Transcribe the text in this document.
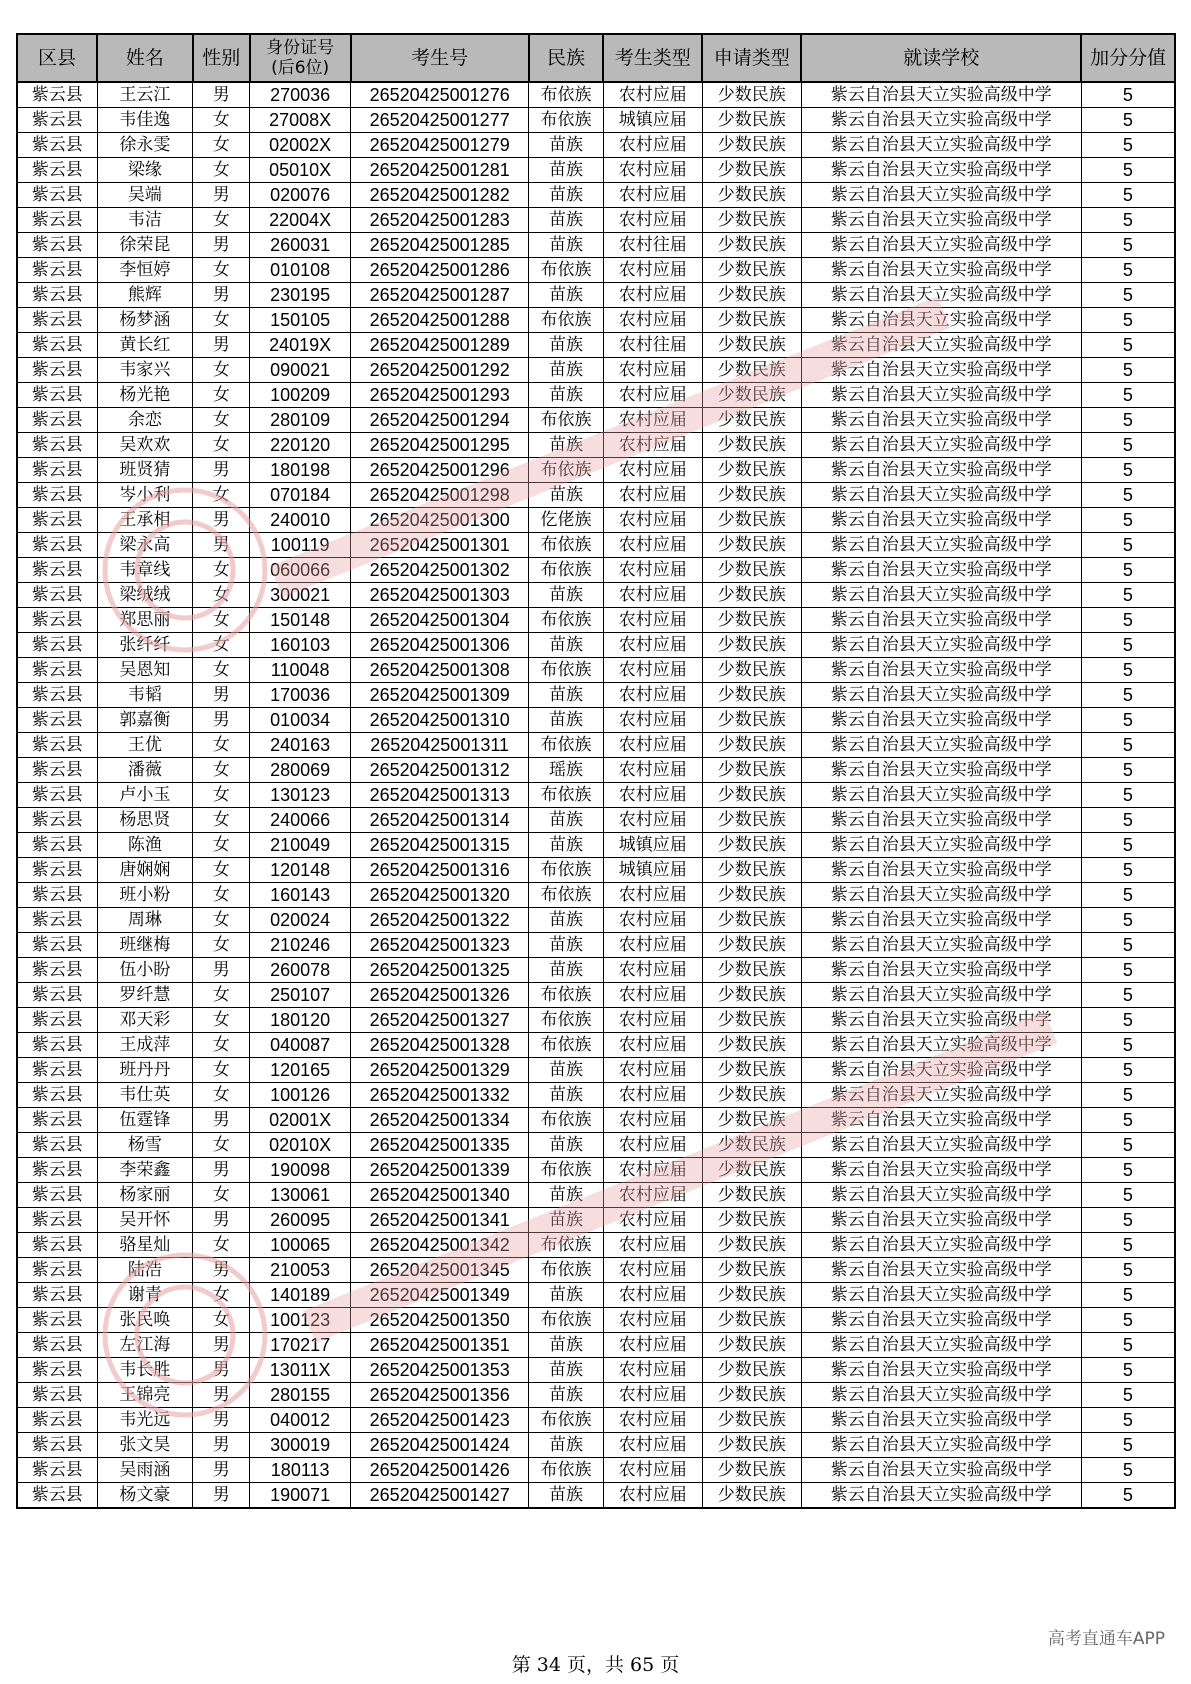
区县	姓名	性别	身份证号
(后6位)	考生号	民族	考生类型	申请类型	就读学校	加分分值
紫云县	王云江	男	270036	26520425001276	布依族	农村应届	少数民族	紫云自治县天立实验高级中学	5
紫云县	韦佳逸	女	27008X	26520425001277	布依族	城镇应届	少数民族	紫云自治县天立实验高级中学	5
紫云县	徐永雯	女	02002X	26520425001279	苗族	农村应届	少数民族	紫云自治县天立实验高级中学	5
紫云县	梁缘	女	05010X	26520425001281	苗族	农村应届	少数民族	紫云自治县天立实验高级中学	5
紫云县	吴端	男	020076	26520425001282	苗族	农村应届	少数民族	紫云自治县天立实验高级中学	5
紫云县	韦洁	女	22004X	26520425001283	苗族	农村应届	少数民族	紫云自治县天立实验高级中学	5
紫云县	徐荣昆	男	260031	26520425001285	苗族	农村往届	少数民族	紫云自治县天立实验高级中学	5
紫云县	李恒婷	女	010108	26520425001286	布依族	农村应届	少数民族	紫云自治县天立实验高级中学	5
紫云县	熊辉	男	230195	26520425001287	苗族	农村应届	少数民族	紫云自治县天立实验高级中学	5
紫云县	杨梦涵	女	150105	26520425001288	布依族	农村应届	少数民族	紫云自治县天立实验高级中学	5
紫云县	黄长红	男	24019X	26520425001289	苗族	农村往届	少数民族	紫云自治县天立实验高级中学	5
紫云县	韦家兴	女	090021	26520425001292	苗族	农村应届	少数民族	紫云自治县天立实验高级中学	5
紫云县	杨光艳	女	100209	26520425001293	苗族	农村应届	少数民族	紫云自治县天立实验高级中学	5
紫云县	余恋	女	280109	26520425001294	布依族	农村应届	少数民族	紫云自治县天立实验高级中学	5
紫云县	吴欢欢	女	220120	26520425001295	苗族	农村应届	少数民族	紫云自治县天立实验高级中学	5
紫云县	班贤猜	男	180198	26520425001296	布依族	农村应届	少数民族	紫云自治县天立实验高级中学	5
紫云县	岑小利	女	070184	26520425001298	苗族	农村应届	少数民族	紫云自治县天立实验高级中学	5
紫云县	王承相	男	240010	26520425001300	仡佬族	农村应届	少数民族	紫云自治县天立实验高级中学	5
紫云县	梁永高	男	100119	26520425001301	布依族	农村应届	少数民族	紫云自治县天立实验高级中学	5
紫云县	韦章线	女	060066	26520425001302	布依族	农村应届	少数民族	紫云自治县天立实验高级中学	5
紫云县	梁绒绒	女	300021	26520425001303	苗族	农村应届	少数民族	紫云自治县天立实验高级中学	5
紫云县	郑思丽	女	150148	26520425001304	布依族	农村应届	少数民族	紫云自治县天立实验高级中学	5
紫云县	张纤纤	女	160103	26520425001306	苗族	农村应届	少数民族	紫云自治县天立实验高级中学	5
紫云县	吴恩知	女	110048	26520425001308	布依族	农村应届	少数民族	紫云自治县天立实验高级中学	5
紫云县	韦韬	男	170036	26520425001309	苗族	农村应届	少数民族	紫云自治县天立实验高级中学	5
紫云县	郭嘉衡	男	010034	26520425001310	苗族	农村应届	少数民族	紫云自治县天立实验高级中学	5
紫云县	王优	女	240163	26520425001311	布依族	农村应届	少数民族	紫云自治县天立实验高级中学	5
紫云县	潘薇	女	280069	26520425001312	瑶族	农村应届	少数民族	紫云自治县天立实验高级中学	5
紫云县	卢小玉	女	130123	26520425001313	布依族	农村应届	少数民族	紫云自治县天立实验高级中学	5
紫云县	杨思贤	女	240066	26520425001314	苗族	农村应届	少数民族	紫云自治县天立实验高级中学	5
紫云县	陈渔	女	210049	26520425001315	苗族	城镇应届	少数民族	紫云自治县天立实验高级中学	5
紫云县	唐娴娴	女	120148	26520425001316	布依族	城镇应届	少数民族	紫云自治县天立实验高级中学	5
紫云县	班小粉	女	160143	26520425001320	布依族	农村应届	少数民族	紫云自治县天立实验高级中学	5
紫云县	周琳	女	020024	26520425001322	苗族	农村应届	少数民族	紫云自治县天立实验高级中学	5
紫云县	班继梅	女	210246	26520425001323	苗族	农村应届	少数民族	紫云自治县天立实验高级中学	5
紫云县	伍小盼	男	260078	26520425001325	苗族	农村应届	少数民族	紫云自治县天立实验高级中学	5
紫云县	罗纤慧	女	250107	26520425001326	布依族	农村应届	少数民族	紫云自治县天立实验高级中学	5
紫云县	邓天彩	女	180120	26520425001327	布依族	农村应届	少数民族	紫云自治县天立实验高级中学	5
紫云县	王成萍	女	040087	26520425001328	布依族	农村应届	少数民族	紫云自治县天立实验高级中学	5
紫云县	班丹丹	女	120165	26520425001329	苗族	农村应届	少数民族	紫云自治县天立实验高级中学	5
紫云县	韦仕英	女	100126	26520425001332	苗族	农村应届	少数民族	紫云自治县天立实验高级中学	5
紫云县	伍霆锋	男	02001X	26520425001334	布依族	农村应届	少数民族	紫云自治县天立实验高级中学	5
紫云县	杨雪	女	02010X	26520425001335	苗族	农村应届	少数民族	紫云自治县天立实验高级中学	5
紫云县	李荣鑫	男	190098	26520425001339	布依族	农村应届	少数民族	紫云自治县天立实验高级中学	5
紫云县	杨家丽	女	130061	26520425001340	苗族	农村应届	少数民族	紫云自治县天立实验高级中学	5
紫云县	吴开怀	男	260095	26520425001341	苗族	农村应届	少数民族	紫云自治县天立实验高级中学	5
紫云县	骆星灿	女	100065	26520425001342	布依族	农村应届	少数民族	紫云自治县天立实验高级中学	5
紫云县	陆浩	男	210053	26520425001345	布依族	农村应届	少数民族	紫云自治县天立实验高级中学	5
紫云县	谢青	女	140189	26520425001349	苗族	农村应届	少数民族	紫云自治县天立实验高级中学	5
紫云县	张民唤	女	100123	26520425001350	布依族	农村应届	少数民族	紫云自治县天立实验高级中学	5
紫云县	左江海	男	170217	26520425001351	苗族	农村应届	少数民族	紫云自治县天立实验高级中学	5
紫云县	韦长胜	男	13011X	26520425001353	苗族	农村应届	少数民族	紫云自治县天立实验高级中学	5
紫云县	王锦亮	男	280155	26520425001356	苗族	农村应届	少数民族	紫云自治县天立实验高级中学	5
紫云县	韦光远	男	040012	26520425001423	布依族	农村应届	少数民族	紫云自治县天立实验高级中学	5
紫云县	张文昊	男	300019	26520425001424	苗族	农村应届	少数民族	紫云自治县天立实验高级中学	5
紫云县	吴雨涵	男	180113	26520425001426	布依族	农村应届	少数民族	紫云自治县天立实验高级中学	5
紫云县	杨文豪	男	190071	26520425001427	苗族	农村应届	少数民族	紫云自治县天立实验高级中学	5
高考直通车APP
第 34 页，共 65 页
